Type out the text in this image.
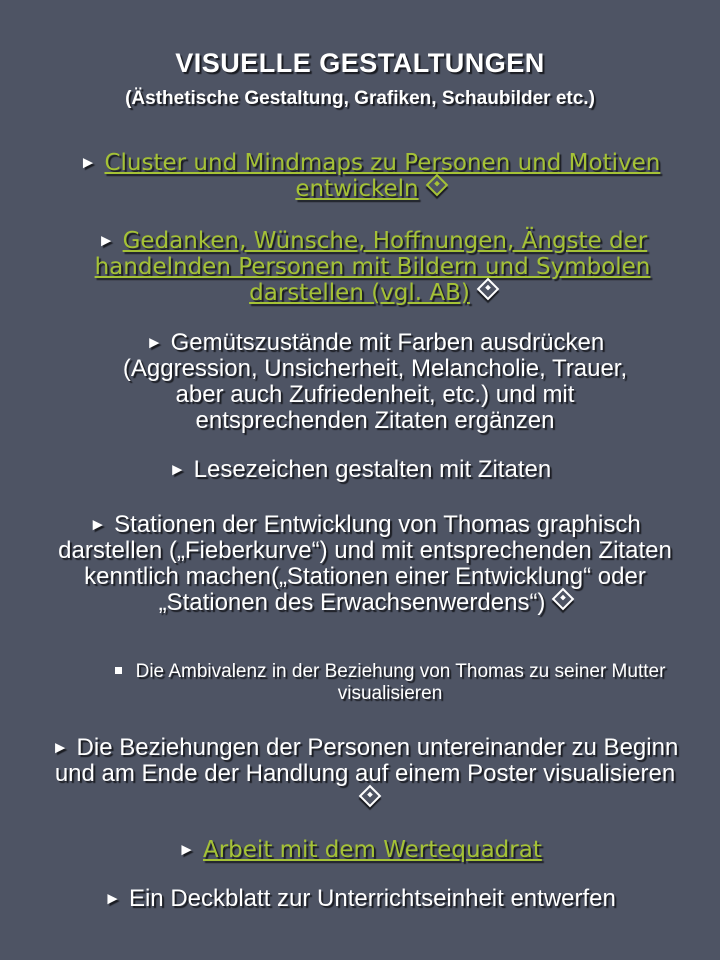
VISUELLE GESTALTUNGEN
(Ästhetische Gestaltung, Grafiken, Schaubilder etc.)
► Cluster und Mindmaps zu Personen und Motiven entwickeln
► Gedanken, Wünsche, Hoffnungen, Ängste der handelnden Personen mit Bildern und Symbolen darstellen (vgl. AB)
► Gemütszustände mit Farben ausdrücken (Aggression, Unsicherheit, Melancholie, Trauer, aber auch Zufriedenheit, etc.) und mit entsprechenden Zitaten ergänzen
► Lesezeichen gestalten mit Zitaten
► Stationen der Entwicklung von Thomas graphisch darstellen („Fieberkurve“) und mit entsprechenden Zitaten kenntlich machen(„Stationen einer Entwicklung“ oder „Stationen des Erwachsenwerdens“)
Die Ambivalenz in der Beziehung von Thomas zu seiner Mutter visualisieren
► Die Beziehungen der Personen untereinander zu Beginn und am Ende der Handlung auf einem Poster visualisieren
► Arbeit mit dem Wertequadrat
► Ein Deckblatt zur Unterrichtseinheit entwerfen
